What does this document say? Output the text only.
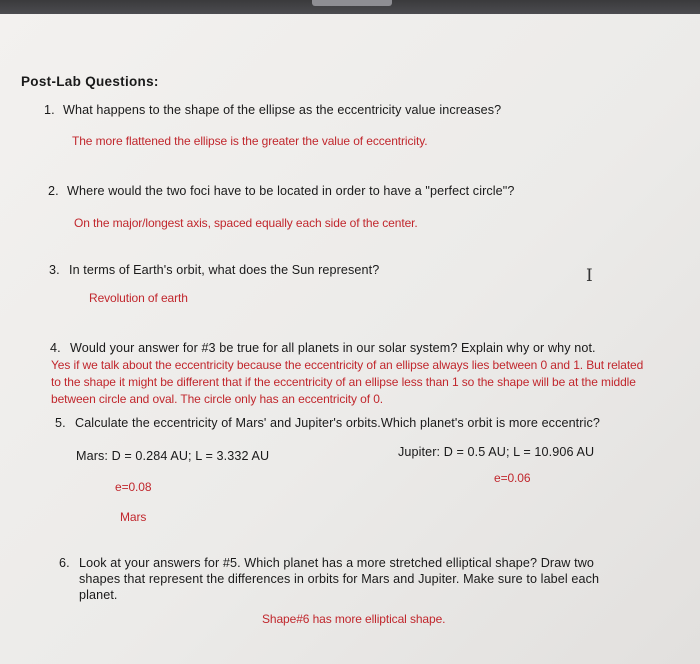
Post-Lab Questions:
1. What happens to the shape of the ellipse as the eccentricity value increases?
The more flattened the ellipse is the greater the value of eccentricity.
2. Where would the two foci have to be located in order to have a "perfect circle"?
On the major/longest axis, spaced equally each side of the center.
3. In terms of Earth's orbit, what does the Sun represent?
Revolution of earth
I
4. Would your answer for #3 be true for all planets in our solar system? Explain why or why not.
Yes if we talk about the eccentricity because the eccentricity of an ellipse always lies between 0 and 1. But related
to the shape it might be different that if the eccentricity of an ellipse less than 1 so the shape will be at the middle
between circle and oval. The circle only has an eccentricity of 0.
5. Calculate the eccentricity of Mars' and Jupiter's orbits.Which planet's orbit is more eccentric?
Mars: D = 0.284 AU; L = 3.332 AU	Jupiter: D = 0.5 AU; L = 10.906 AU
e=0.08
e=0.06
Mars
6. Look at your answers for #5. Which planet has a more stretched elliptical shape? Draw two
shapes that represent the differences in orbits for Mars and Jupiter. Make sure to label each
planet.
Shape#6 has more elliptical shape.
